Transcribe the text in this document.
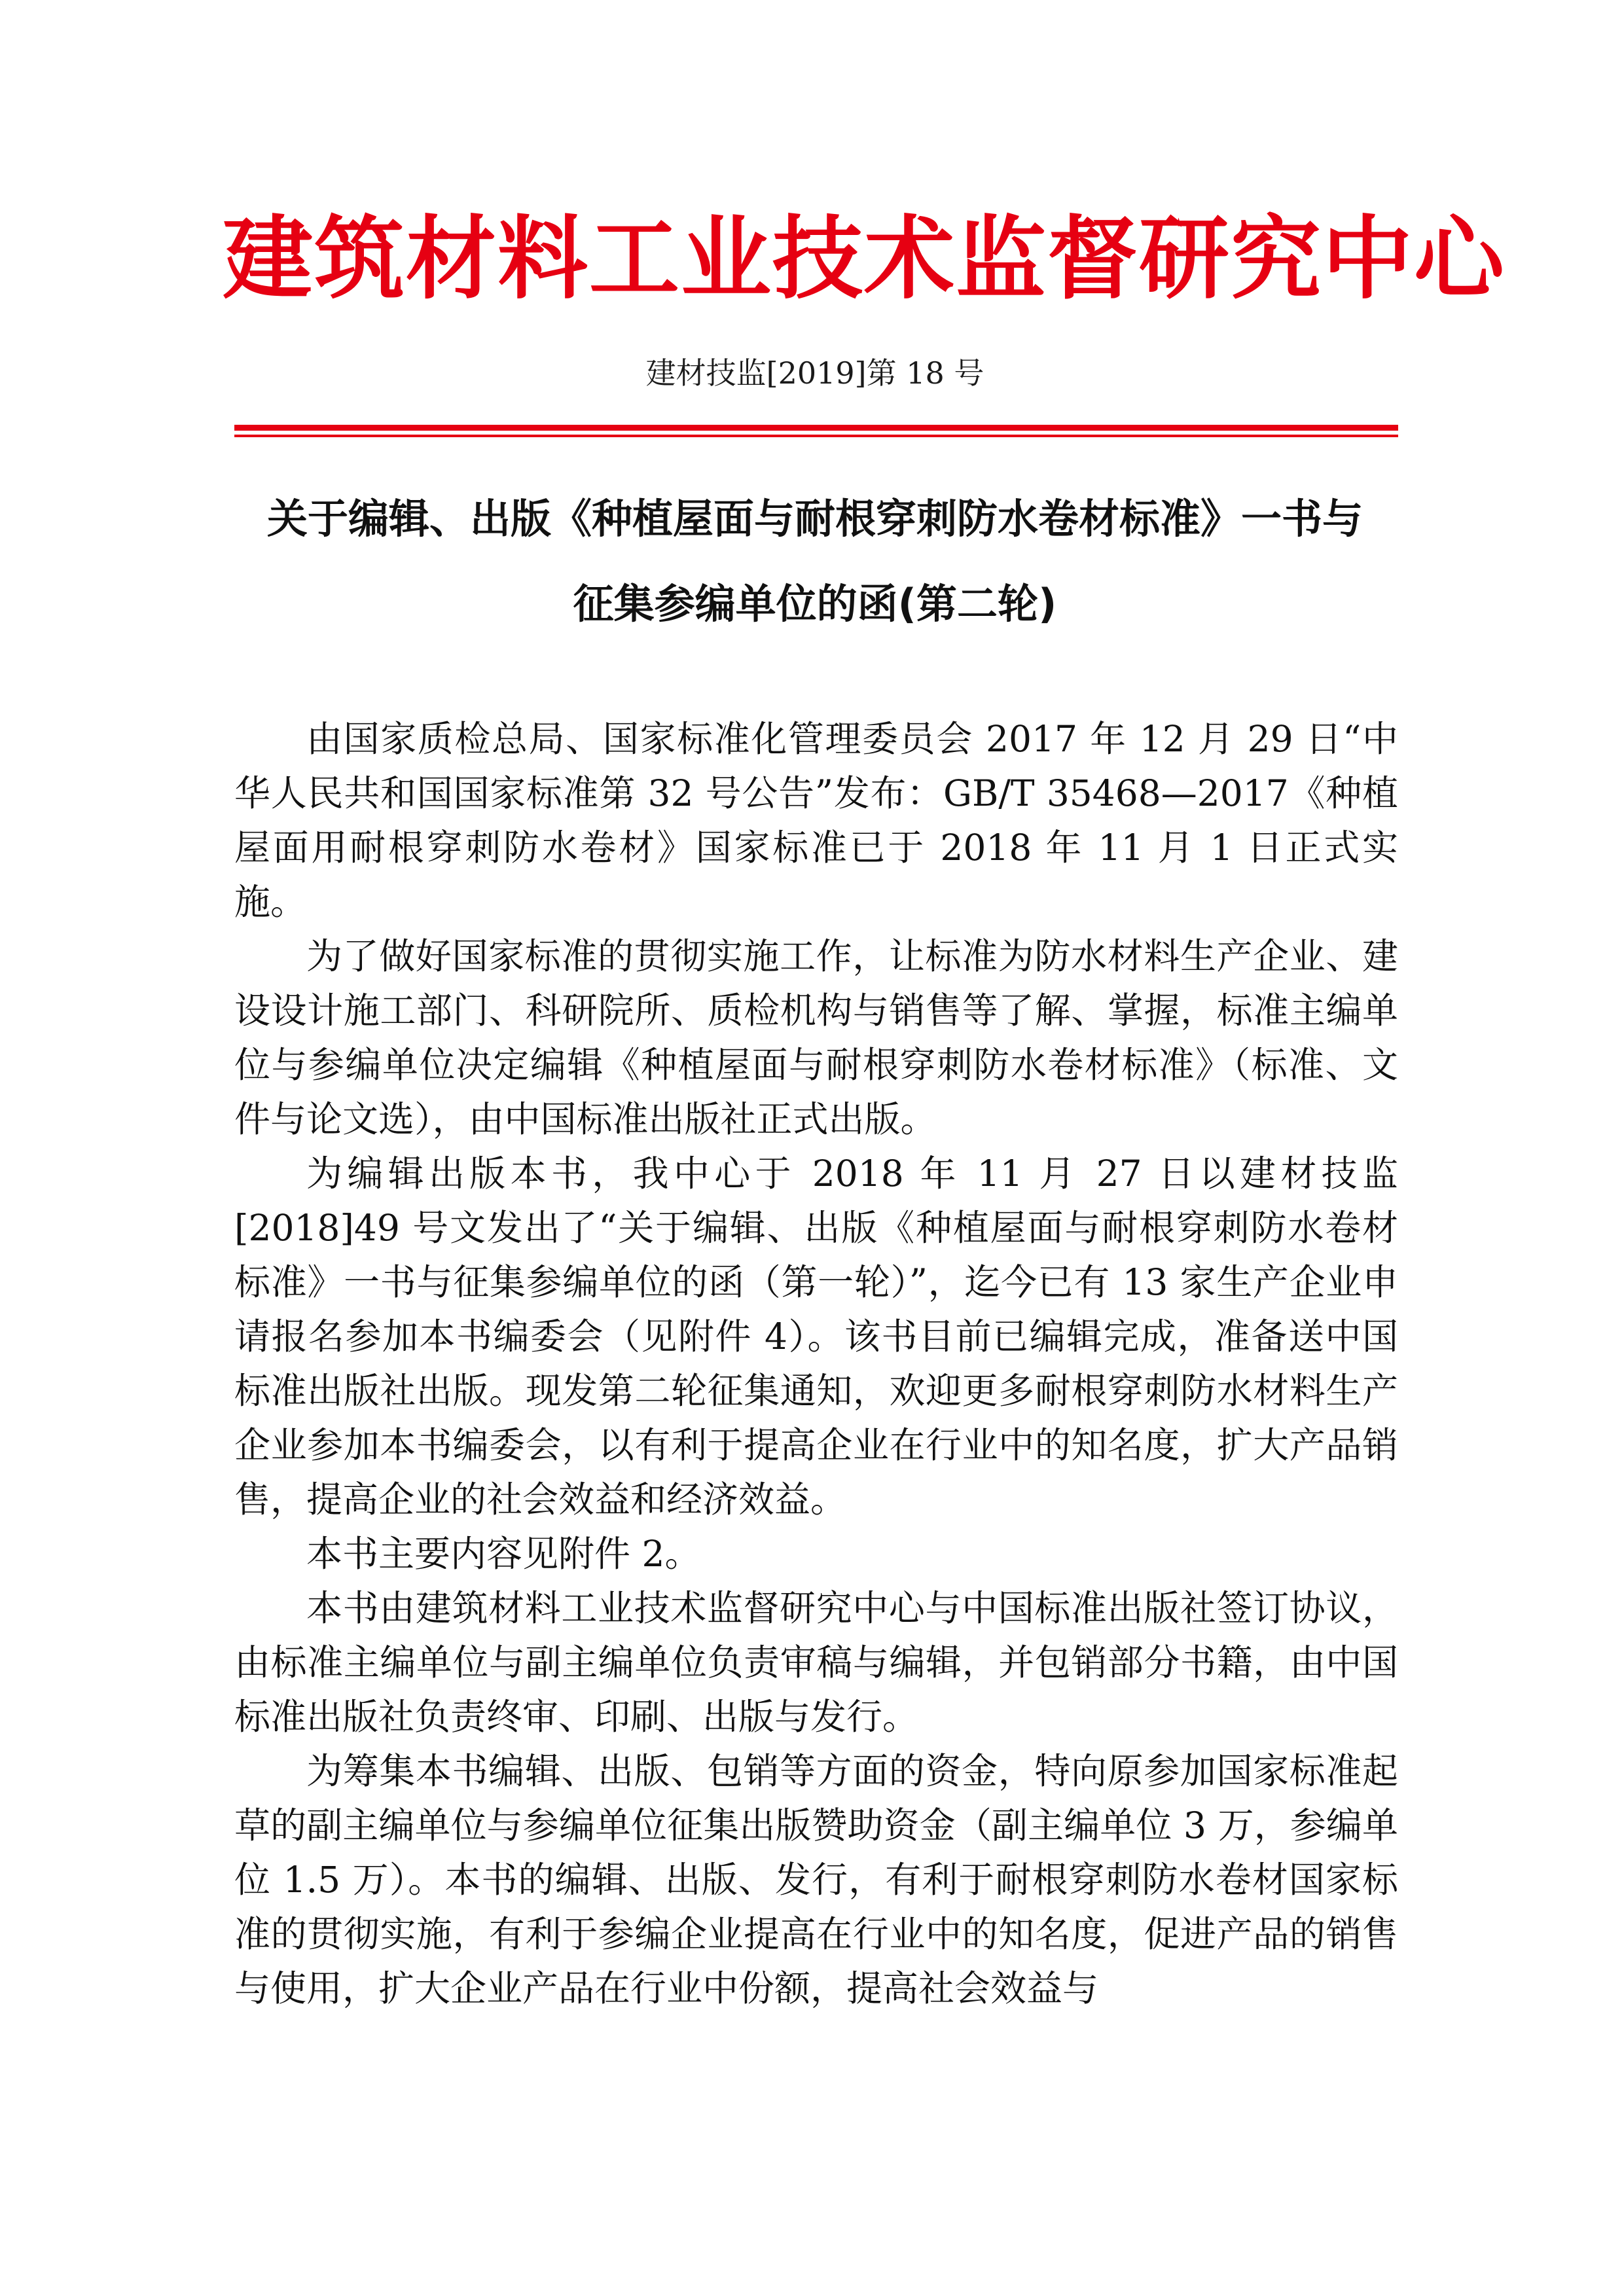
建筑材料工业技术监督研究中心
建材技监[2019]第 18 号
关于编辑、出版《种植屋面与耐根穿刺防水卷材标准》一书与
征集参编单位的函(第二轮)

由国家质检总局、国家标准化管理委员会 2017 年 12 月 29 日“中华人民共和国国家标准第 32 号公告”发布：GB/T 35468—2017《种植屋面用耐根穿刺防水卷材》国家标准已于 2018 年 11 月 1 日正式实施。

为了做好国家标准的贯彻实施工作，让标准为防水材料生产企业、建设设计施工部门、科研院所、质检机构与销售等了解、掌握，标准主编单位与参编单位决定编辑《种植屋面与耐根穿刺防水卷材标准》（标准、文件与论文选），由中国标准出版社正式出版。

为编辑出版本书，我中心于 2018 年 11 月 27 日以建材技监[2018]49 号文发出了“关于编辑、出版《种植屋面与耐根穿刺防水卷材标准》一书与征集参编单位的函（第一轮）”，迄今已有 13 家生产企业申请报名参加本书编委会（见附件 4）。该书目前已编辑完成，准备送中国标准出版社出版。现发第二轮征集通知，欢迎更多耐根穿刺防水材料生产企业参加本书编委会，以有利于提高企业在行业中的知名度，扩大产品销售，提高企业的社会效益和经济效益。

本书主要内容见附件 2。

本书由建筑材料工业技术监督研究中心与中国标准出版社签订协议，由标准主编单位与副主编单位负责审稿与编辑，并包销部分书籍，由中国标准出版社负责终审、印刷、出版与发行。

为筹集本书编辑、出版、包销等方面的资金，特向原参加国家标准起草的副主编单位与参编单位征集出版赞助资金（副主编单位 3 万，参编单位 1.5 万）。本书的编辑、出版、发行，有利于耐根穿刺防水卷材国家标准的贯彻实施，有利于参编企业提高在行业中的知名度，促进产品的销售与使用，扩大企业产品在行业中份额，提高社会效益与
